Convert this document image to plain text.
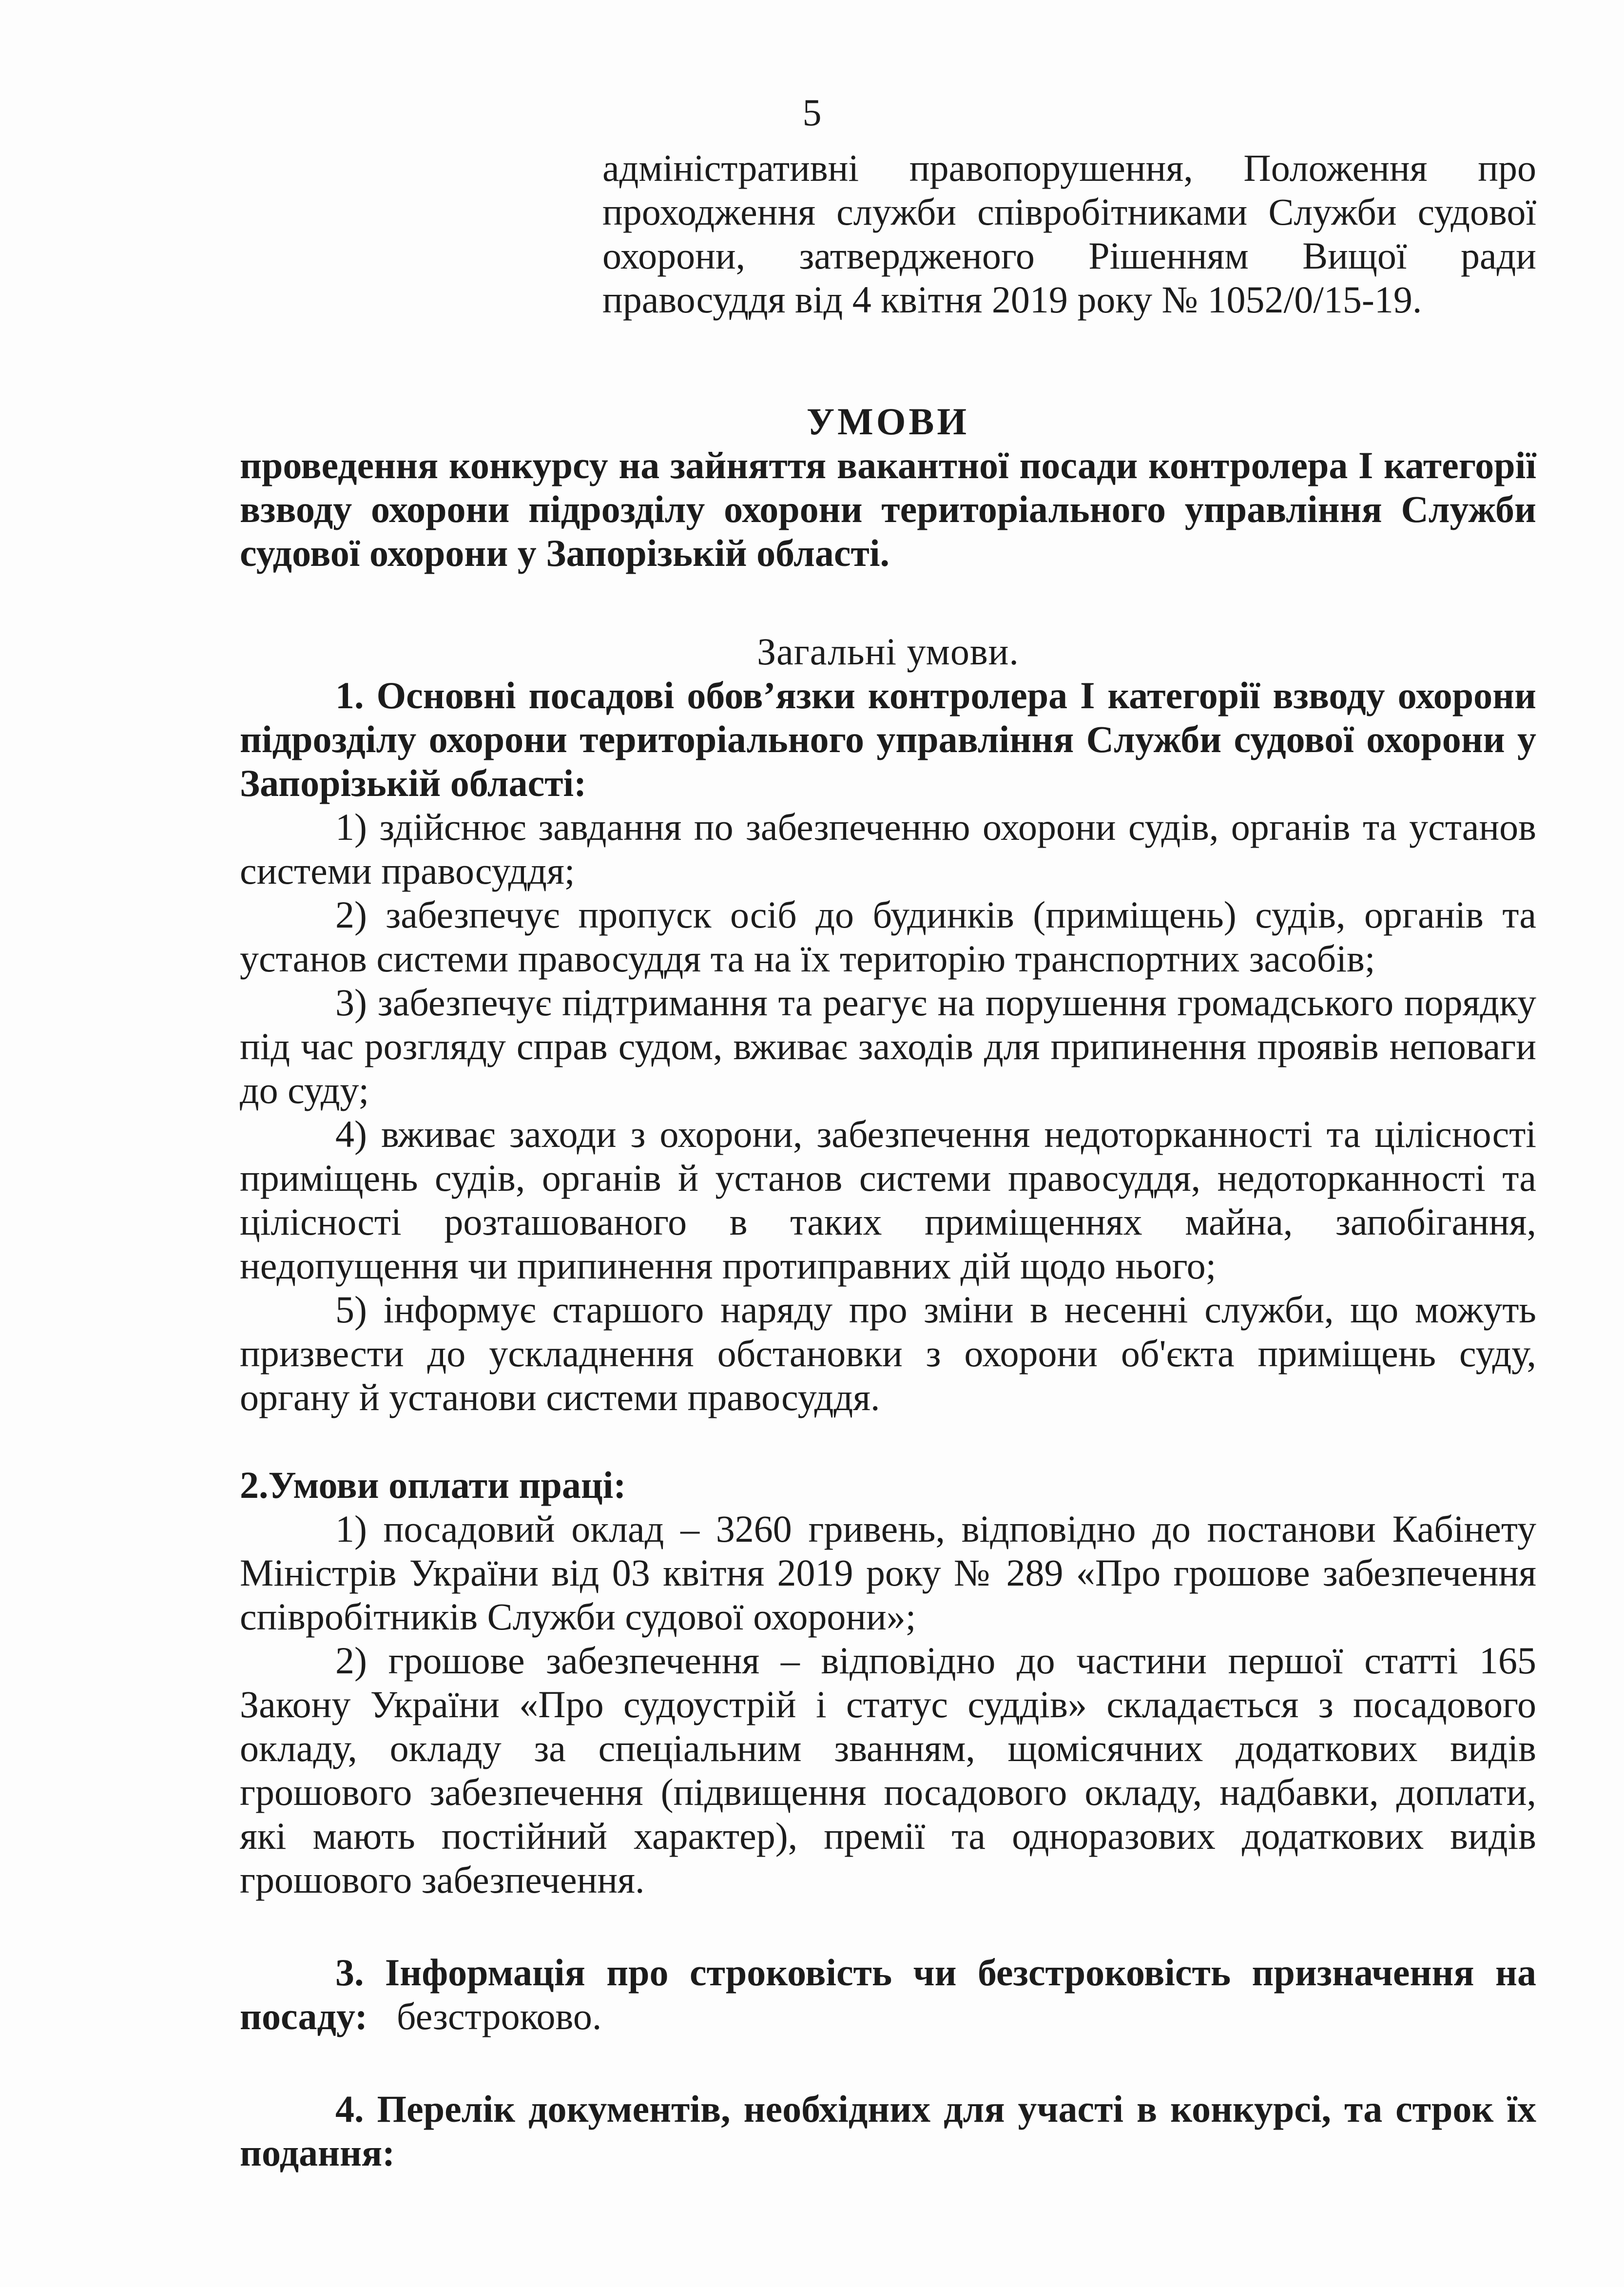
5
адміністративні правопорушення, Положення про проходження служби співробітниками Служби судової охорони, затвердженого Рішенням Вищої ради правосуддя від 4 квітня 2019 року № 1052/0/15-19.
УМОВИ

проведення конкурсу на зайняття вакантної посади контролера І категорії взводу охорони підрозділу охорони територіального управління Служби судової охорони у Запорізькій області.

Загальні умови.

1. Основні посадові обов’язки контролера І категорії взводу охорони підрозділу охорони територіального управління Служби судової охорони у Запорізькій області:

1) здійснює завдання по забезпеченню охорони судів, органів та установ системи правосуддя;

2) забезпечує пропуск осіб до будинків (приміщень) судів, органів та установ системи правосуддя та на їх територію транспортних засобів;

3) забезпечує підтримання та реагує на порушення громадського порядку під час розгляду справ судом, вживає заходів для припинення проявів неповаги до суду;

4) вживає заходи з охорони, забезпечення недоторканності та цілісності приміщень судів, органів й установ системи правосуддя, недоторканності та цілісності розташованого в таких приміщеннях майна, запобігання, недопущення чи припинення протиправних дій щодо нього;

5) інформує старшого наряду про зміни в несенні служби, що можуть призвести до ускладнення обстановки з охорони об'єкта приміщень суду, органу й установи системи правосуддя.

2.Умови оплати праці:

1) посадовий оклад – 3260 гривень, відповідно до постанови Кабінету Міністрів України від 03 квітня 2019 року № 289 «Про грошове забезпечення співробітників Служби судової охорони»;

2) грошове забезпечення – відповідно до частини першої статті 165 Закону України «Про судоустрій і статус суддів» складається з посадового окладу, окладу за спеціальним званням, щомісячних додаткових видів грошового забезпечення (підвищення посадового окладу, надбавки, доплати, які мають постійний характер), премії та одноразових додаткових видів грошового забезпечення.

3. Інформація про строковість чи безстроковість призначення на посаду: безстроково.

4. Перелік документів, необхідних для участі в конкурсі, та строк їх подання:
